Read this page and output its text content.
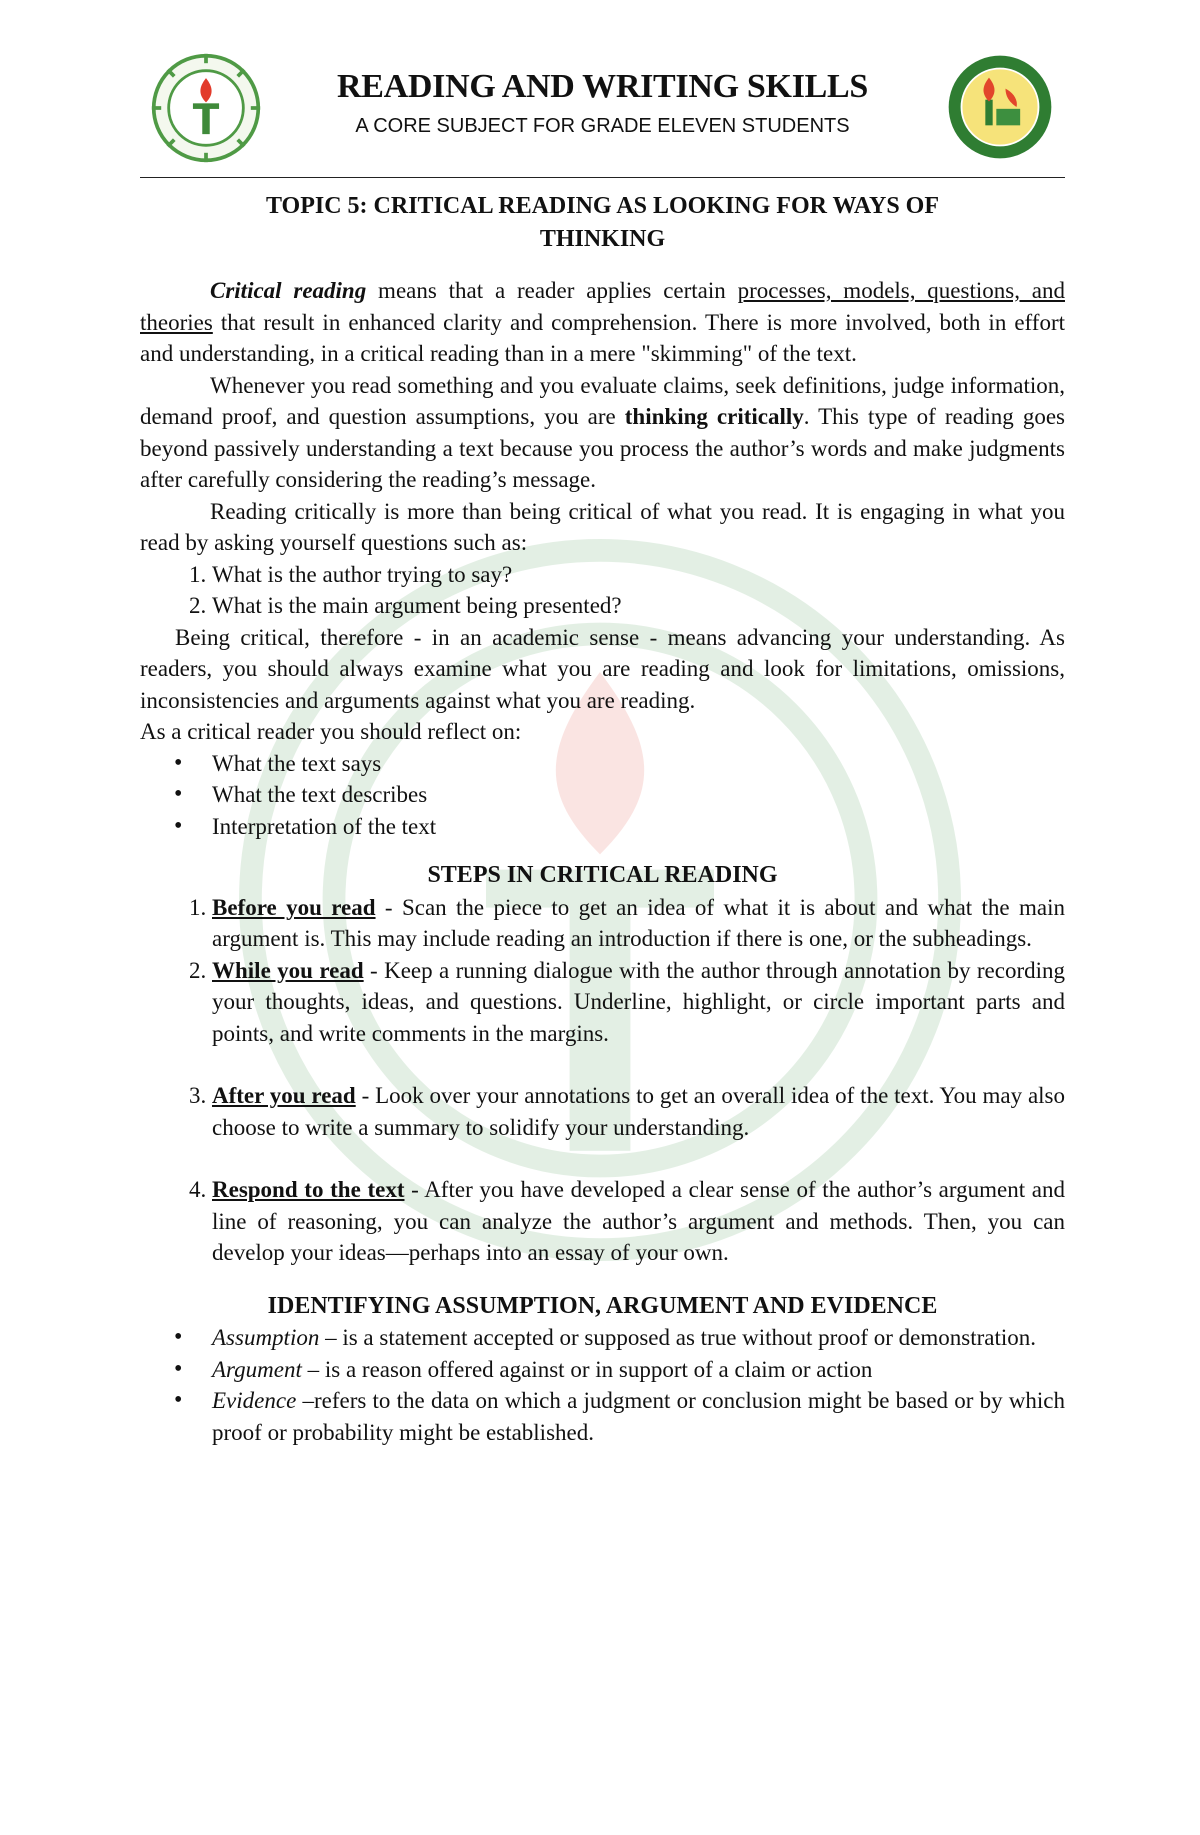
READING AND WRITING SKILLS
A CORE SUBJECT FOR GRADE ELEVEN STUDENTS
TOPIC 5: CRITICAL READING AS LOOKING FOR WAYS OF
THINKING

Critical reading means that a reader applies certain processes, models, questions, and theories that result in enhanced clarity and comprehension. There is more involved, both in effort and understanding, in a critical reading than in a mere "skimming" of the text.

Whenever you read something and you evaluate claims, seek definitions, judge information, demand proof, and question assumptions, you are thinking critically. This type of reading goes beyond passively understanding a text because you process the author’s words and make judgments after carefully considering the reading’s message.

Reading critically is more than being critical of what you read. It is engaging in what you read by asking yourself questions such as:

1. What is the author trying to say?
2. What is the main argument being presented?

Being critical, therefore - in an academic sense - means advancing your understanding. As readers, you should always examine what you are reading and look for limitations, omissions, inconsistencies and arguments against what you are reading.

As a critical reader you should reflect on:

• What the text says
• What the text describes
• Interpretation of the text
STEPS IN CRITICAL READING
1. Before you read - Scan the piece to get an idea of what it is about and what the main argument is. This may include reading an introduction if there is one, or the subheadings.
2. While you read - Keep a running dialogue with the author through annotation by recording your thoughts, ideas, and questions. Underline, highlight, or circle important parts and points, and write comments in the margins.
3. After you read - Look over your annotations to get an overall idea of the text. You may also choose to write a summary to solidify your understanding.
4. Respond to the text - After you have developed a clear sense of the author’s argument and line of reasoning, you can analyze the author’s argument and methods. Then, you can develop your ideas—perhaps into an essay of your own.
IDENTIFYING ASSUMPTION, ARGUMENT AND EVIDENCE
• Assumption – is a statement accepted or supposed as true without proof or demonstration.
• Argument – is a reason offered against or in support of a claim or action
• Evidence –refers to the data on which a judgment or conclusion might be based or by which proof or probability might be established.
